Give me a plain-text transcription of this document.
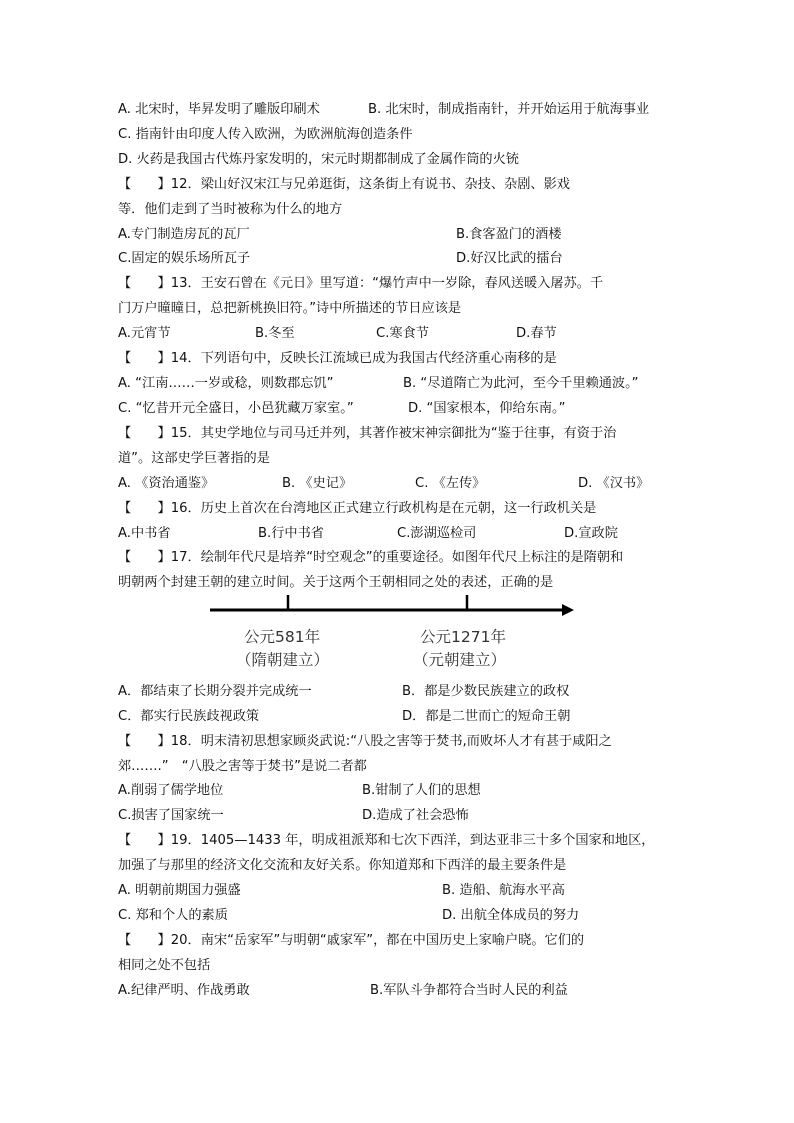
A. 北宋时，毕昇发明了雕版印刷术	B. 北宋时，制成指南针，并开始运用于航海事业
C. 指南针由印度人传入欧洲，为欧洲航海创造条件
D. 火药是我国古代炼丹家发明的，宋元时期都制成了金属作筒的火铳
【　　】12．梁山好汉宋江与兄弟逛街，这条街上有说书、杂技、杂剧、影戏
等．他们走到了当时被称为什么的地方
A.专门制造房瓦的瓦厂	B.食客盈门的酒楼
C.固定的娱乐场所瓦子	D.好汉比武的擂台
【　　】13．王安石曾在《元日》里写道：“爆竹声中一岁除，春风送暖入屠苏。千
门万户曈曈日，总把新桃换旧符。”诗中所描述的节日应该是
A.元宵节	B.冬至	C.寒食节	D.春节
【　　】14．下列语句中，反映长江流域已成为我国古代经济重心南移的是
A. “江南……一岁或稔，则数郡忘饥”	B. “尽道隋亡为此河，至今千里赖通波。”
C. “忆昔开元全盛日，小邑犹藏万家室。”	D. “国家根本，仰给东南。”
【　　】15．其史学地位与司马迁并列，其著作被宋神宗御批为“鉴于往事，有资于治
道”。这部史学巨著指的是
A. 《资治通鉴》	B. 《史记》	C. 《左传》	D. 《汉书》
【　　】16．历史上首次在台湾地区正式建立行政机构是在元朝，这一行政机关是
A.中书省	B.行中书省	C.澎湖巡检司	D.宣政院
【　　】17．绘制年代尺是培养“时空观念”的重要途径。如图年代尺上标注的是隋朝和
明朝两个封建王朝的建立时间。关于这两个王朝相同之处的表述，正确的是
公元581年
（隋朝建立）
公元1271年
（元朝建立）
A．都结束了长期分裂并完成统一	B．都是少数民族建立的政权
C．都实行民族歧视政策	D．都是二世而亡的短命王朝
【　　】18．明末清初思想家顾炎武说:“八股之害等于焚书,而败坏人才有甚于咸阳之
郊…….”　“八股之害等于焚书”是说二者都
A.削弱了儒学地位	B.钳制了人们的思想
C.损害了国家统一	D.造成了社会恐怖
【　　】19．1405—1433 年，明成祖派郑和七次下西洋，到达亚非三十多个国家和地区，
加强了与那里的经济文化交流和友好关系。你知道郑和下西洋的最主要条件是
A. 明朝前期国力强盛	B. 造船、航海水平高
C. 郑和个人的素质	D. 出航全体成员的努力
【　　】20．南宋“岳家军”与明朝“戚家军”，都在中国历史上家喻户晓。它们的
相同之处不包括
A.纪律严明、作战勇敢	B.军队斗争都符合当时人民的利益
